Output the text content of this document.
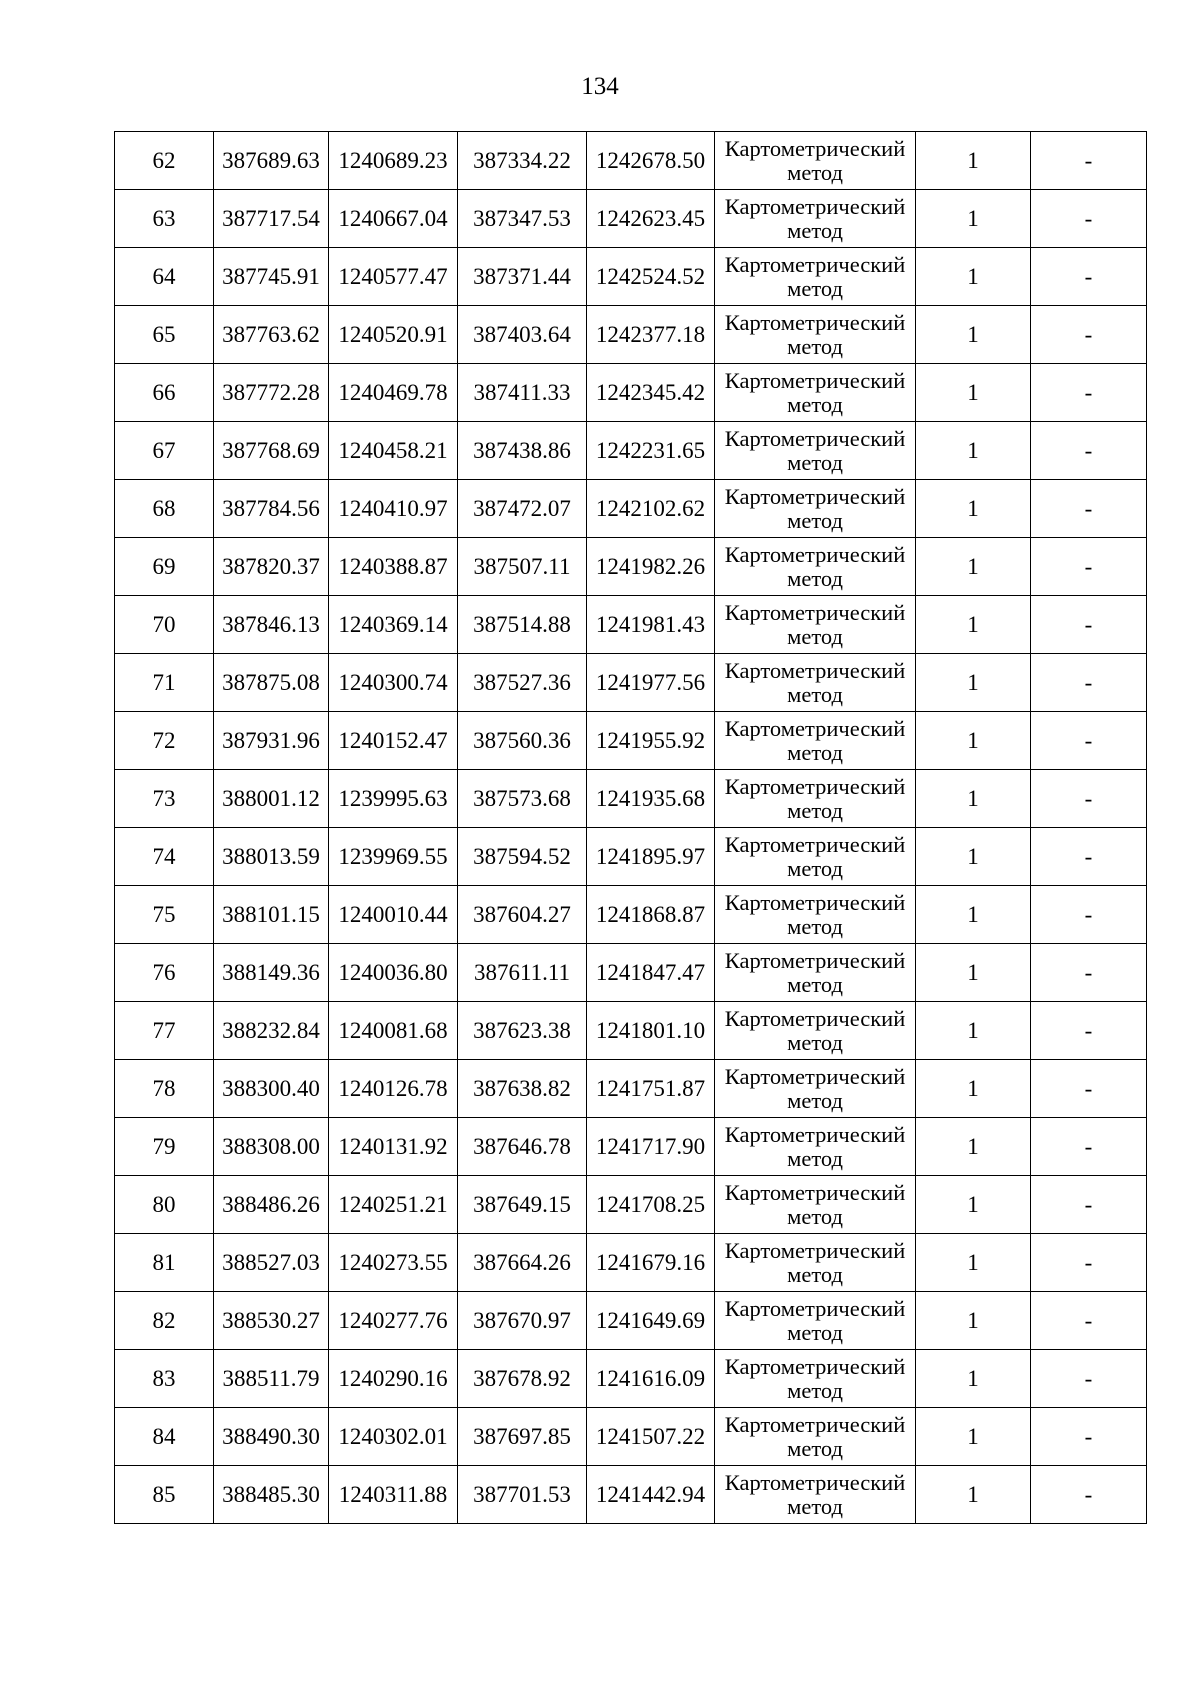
134
62	387689.63	1240689.23	387334.22	1242678.50	Картометрический
метод	1	-
63	387717.54	1240667.04	387347.53	1242623.45	Картометрический
метод	1	-
64	387745.91	1240577.47	387371.44	1242524.52	Картометрический
метод	1	-
65	387763.62	1240520.91	387403.64	1242377.18	Картометрический
метод	1	-
66	387772.28	1240469.78	387411.33	1242345.42	Картометрический
метод	1	-
67	387768.69	1240458.21	387438.86	1242231.65	Картометрический
метод	1	-
68	387784.56	1240410.97	387472.07	1242102.62	Картометрический
метод	1	-
69	387820.37	1240388.87	387507.11	1241982.26	Картометрический
метод	1	-
70	387846.13	1240369.14	387514.88	1241981.43	Картометрический
метод	1	-
71	387875.08	1240300.74	387527.36	1241977.56	Картометрический
метод	1	-
72	387931.96	1240152.47	387560.36	1241955.92	Картометрический
метод	1	-
73	388001.12	1239995.63	387573.68	1241935.68	Картометрический
метод	1	-
74	388013.59	1239969.55	387594.52	1241895.97	Картометрический
метод	1	-
75	388101.15	1240010.44	387604.27	1241868.87	Картометрический
метод	1	-
76	388149.36	1240036.80	387611.11	1241847.47	Картометрический
метод	1	-
77	388232.84	1240081.68	387623.38	1241801.10	Картометрический
метод	1	-
78	388300.40	1240126.78	387638.82	1241751.87	Картометрический
метод	1	-
79	388308.00	1240131.92	387646.78	1241717.90	Картометрический
метод	1	-
80	388486.26	1240251.21	387649.15	1241708.25	Картометрический
метод	1	-
81	388527.03	1240273.55	387664.26	1241679.16	Картометрический
метод	1	-
82	388530.27	1240277.76	387670.97	1241649.69	Картометрический
метод	1	-
83	388511.79	1240290.16	387678.92	1241616.09	Картометрический
метод	1	-
84	388490.30	1240302.01	387697.85	1241507.22	Картометрический
метод	1	-
85	388485.30	1240311.88	387701.53	1241442.94	Картометрический
метод	1	-
